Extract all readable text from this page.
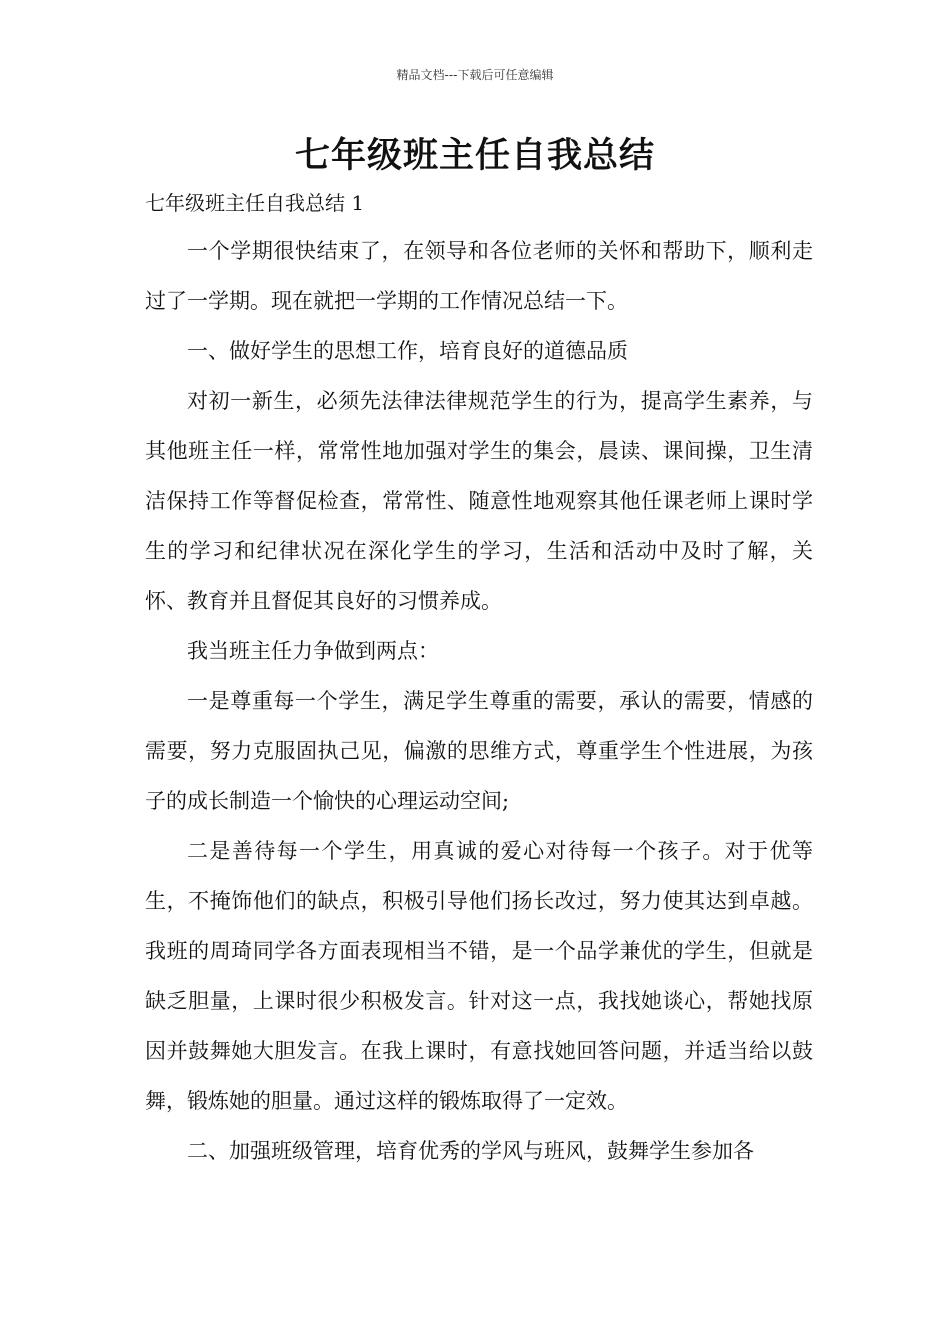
精品文档---下载后可任意编辑
七年级班主任自我总结
七年级班主任自我总结 1

一个学期很快结束了，在领导和各位老师的关怀和帮助下，顺利走过了一学期。现在就把一学期的工作情况总结一下。

一、做好学生的思想工作，培育良好的道德品质

对初一新生，必须先法律法律规范学生的行为，提高学生素养，与其他班主任一样，常常性地加强对学生的集会，晨读、课间操，卫生清洁保持工作等督促检查，常常性、随意性地观察其他任课老师上课时学生的学习和纪律状况在深化学生的学习，生活和活动中及时了解，关怀、教育并且督促其良好的习惯养成。

我当班主任力争做到两点：

一是尊重每一个学生，满足学生尊重的需要，承认的需要，情感的需要，努力克服固执己见，偏激的思维方式，尊重学生个性进展，为孩子的成长制造一个愉快的心理运动空间;

二是善待每一个学生，用真诚的爱心对待每一个孩子。对于优等生，不掩饰他们的缺点，积极引导他们扬长改过，努力使其达到卓越。我班的周琦同学各方面表现相当不错，是一个品学兼优的学生，但就是缺乏胆量，上课时很少积极发言。针对这一点，我找她谈心，帮她找原因并鼓舞她大胆发言。在我上课时，有意找她回答问题，并适当给以鼓舞，锻炼她的胆量。通过这样的锻炼取得了一定效。

二、加强班级管理，培育优秀的学风与班风，鼓舞学生参加各
